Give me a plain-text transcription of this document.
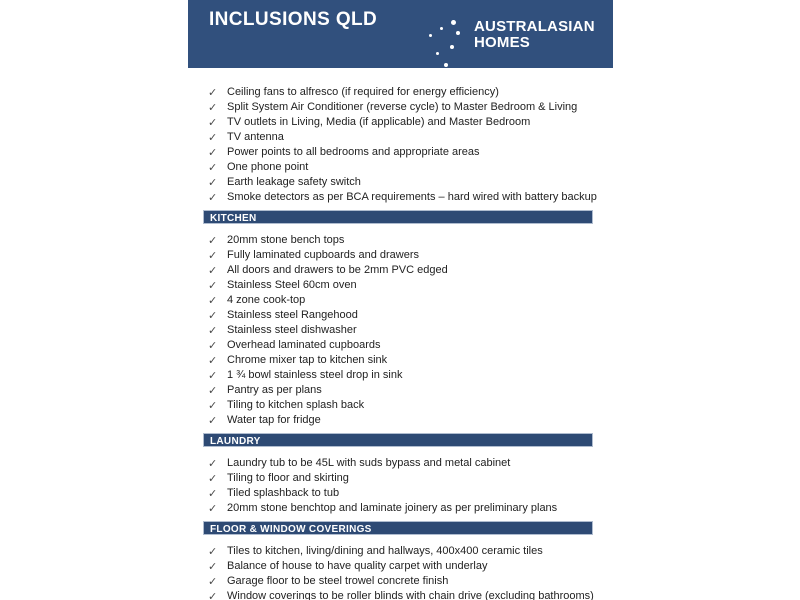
INCLUSIONS QLD	AUSTRALASIAN
HOMES
✓ Ceiling fans to alfresco (if required for energy efficiency)
✓ Split System Air Conditioner (reverse cycle) to Master Bedroom & Living
✓ TV outlets in Living, Media (if applicable) and Master Bedroom
✓ TV antenna
✓ Power points to all bedrooms and appropriate areas
✓ One phone point
✓ Earth leakage safety switch
✓ Smoke detectors as per BCA requirements – hard wired with battery backup
KITCHEN
✓ 20mm stone bench tops
✓ Fully laminated cupboards and drawers
✓ All doors and drawers to be 2mm PVC edged
✓ Stainless Steel 60cm oven
✓ 4 zone cook-top
✓ Stainless steel Rangehood
✓ Stainless steel dishwasher
✓ Overhead laminated cupboards
✓ Chrome mixer tap to kitchen sink
✓ 1 ¾ bowl stainless steel drop in sink
✓ Pantry as per plans
✓ Tiling to kitchen splash back
✓ Water tap for fridge
LAUNDRY
✓ Laundry tub to be 45L with suds bypass and metal cabinet
✓ Tiling to floor and skirting
✓ Tiled splashback to tub
✓ 20mm stone benchtop and laminate joinery as per preliminary plans
FLOOR & WINDOW COVERINGS
✓ Tiles to kitchen, living/dining and hallways, 400x400 ceramic tiles
✓ Balance of house to have quality carpet with underlay
✓ Garage floor to be steel trowel concrete finish
✓ Window coverings to be roller blinds with chain drive (excluding bathrooms)
